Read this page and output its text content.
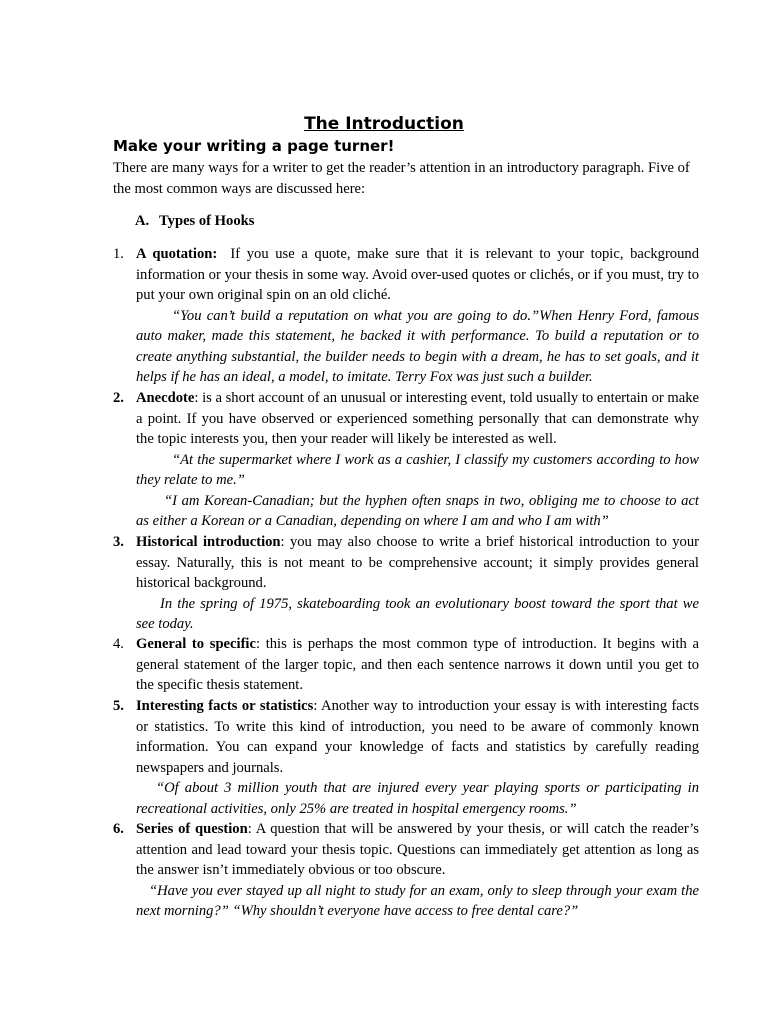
The Introduction
Make your writing a page turner!

There are many ways for a writer to get the reader’s attention in an introductory paragraph. Five of the most common ways are discussed here:

A. Types of Hooks
1. A quotation:  If you use a quote, make sure that it is relevant to your topic, background information or your thesis in some way. Avoid over-used quotes or clichés, or if you must, try to put your own original spin on an old cliché.
“You can’t build a reputation on what you are going to do.”When Henry Ford, famous auto maker, made this statement, he backed it with performance. To build a reputation or to create anything substantial, the builder needs to begin with a dream, he has to set goals, and it helps if he has an ideal, a model, to imitate. Terry Fox was just such a builder.
2. Anecdote: is a short account of an unusual or interesting event, told usually to entertain or make a point. If you have observed or experienced something personally that can demonstrate why the topic interests you, then your reader will likely be interested as well.
“At the supermarket where I work as a cashier, I classify my customers according to how they relate to me.”
“I am Korean-Canadian; but the hyphen often snaps in two, obliging me to choose to act as either a Korean or a Canadian, depending on where I am and who I am with”
3. Historical introduction: you may also choose to write a brief historical introduction to your essay. Naturally, this is not meant to be comprehensive account; it simply provides general historical background.
In the spring of 1975, skateboarding took an evolutionary boost toward the sport that we see today.
4. General to specific: this is perhaps the most common type of introduction. It begins with a general statement of the larger topic, and then each sentence narrows it down until you get to the specific thesis statement.
5. Interesting facts or statistics: Another way to introduction your essay is with interesting facts or statistics. To write this kind of introduction, you need to be aware of commonly known information. You can expand your knowledge of facts and statistics by carefully reading newspapers and journals.
“Of about 3 million youth that are injured every year playing sports or participating in recreational activities, only 25% are treated in hospital emergency rooms.”
6. Series of question: A question that will be answered by your thesis, or will catch the reader’s attention and lead toward your thesis topic. Questions can immediately get attention as long as the answer isn’t immediately obvious or too obscure.
“Have you ever stayed up all night to study for an exam, only to sleep through your exam the next morning?” “Why shouldn’t everyone have access to free dental care?”
